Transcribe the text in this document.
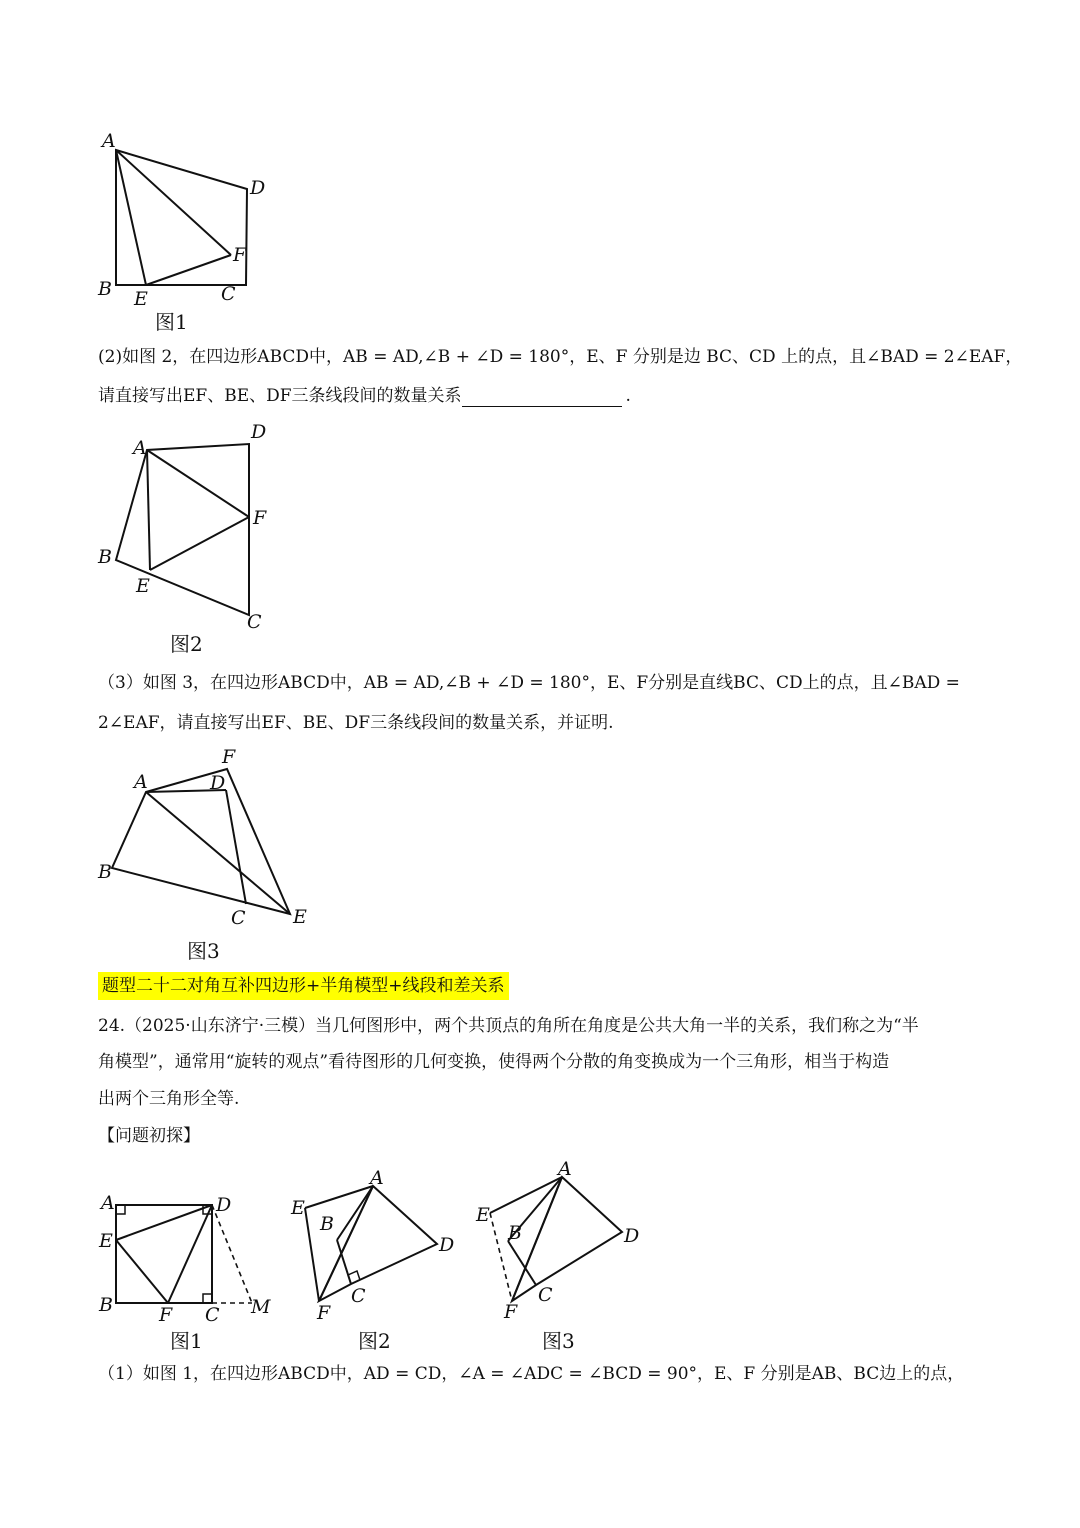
A
B	C
D
E
F
图1
(2)如图 2，在四边形ABCD中，AB = AD,∠B + ∠D = 180°，E、F 分别是边 BC、CD 上的点，且∠BAD = 2∠EAF，
请直接写出EF、BE、DF三条线段间的数量关系	.
A
B
C
D
E
F
图2
（3）如图 3，在四边形ABCD中，AB = AD,∠B + ∠D = 180°，E、F分别是直线BC、CD上的点，且∠BAD =
2∠EAF，请直接写出EF、BE、DF三条线段间的数量关系，并证明.
A
B
C
D
E
F
图3
题型二十二对角互补四边形+半角模型+线段和差关系
24.（2025·山东济宁·三模）当几何图形中，两个共顶点的角所在角度是公共大角一半的关系，我们称之为“半
角模型”，通常用“旋转的观点”看待图形的几何变换，使得两个分散的角变换成为一个三角形，相当于构造
出两个三角形全等.
【问题初探】
A
B	C
D
E
F	M
图1
A
B
C
D
E
F
图2
A
B
C
D
E
F
图3
（1）如图 1，在四边形ABCD中，AD = CD，∠A = ∠ADC = ∠BCD = 90°，E、F 分别是AB、BC边上的点，
